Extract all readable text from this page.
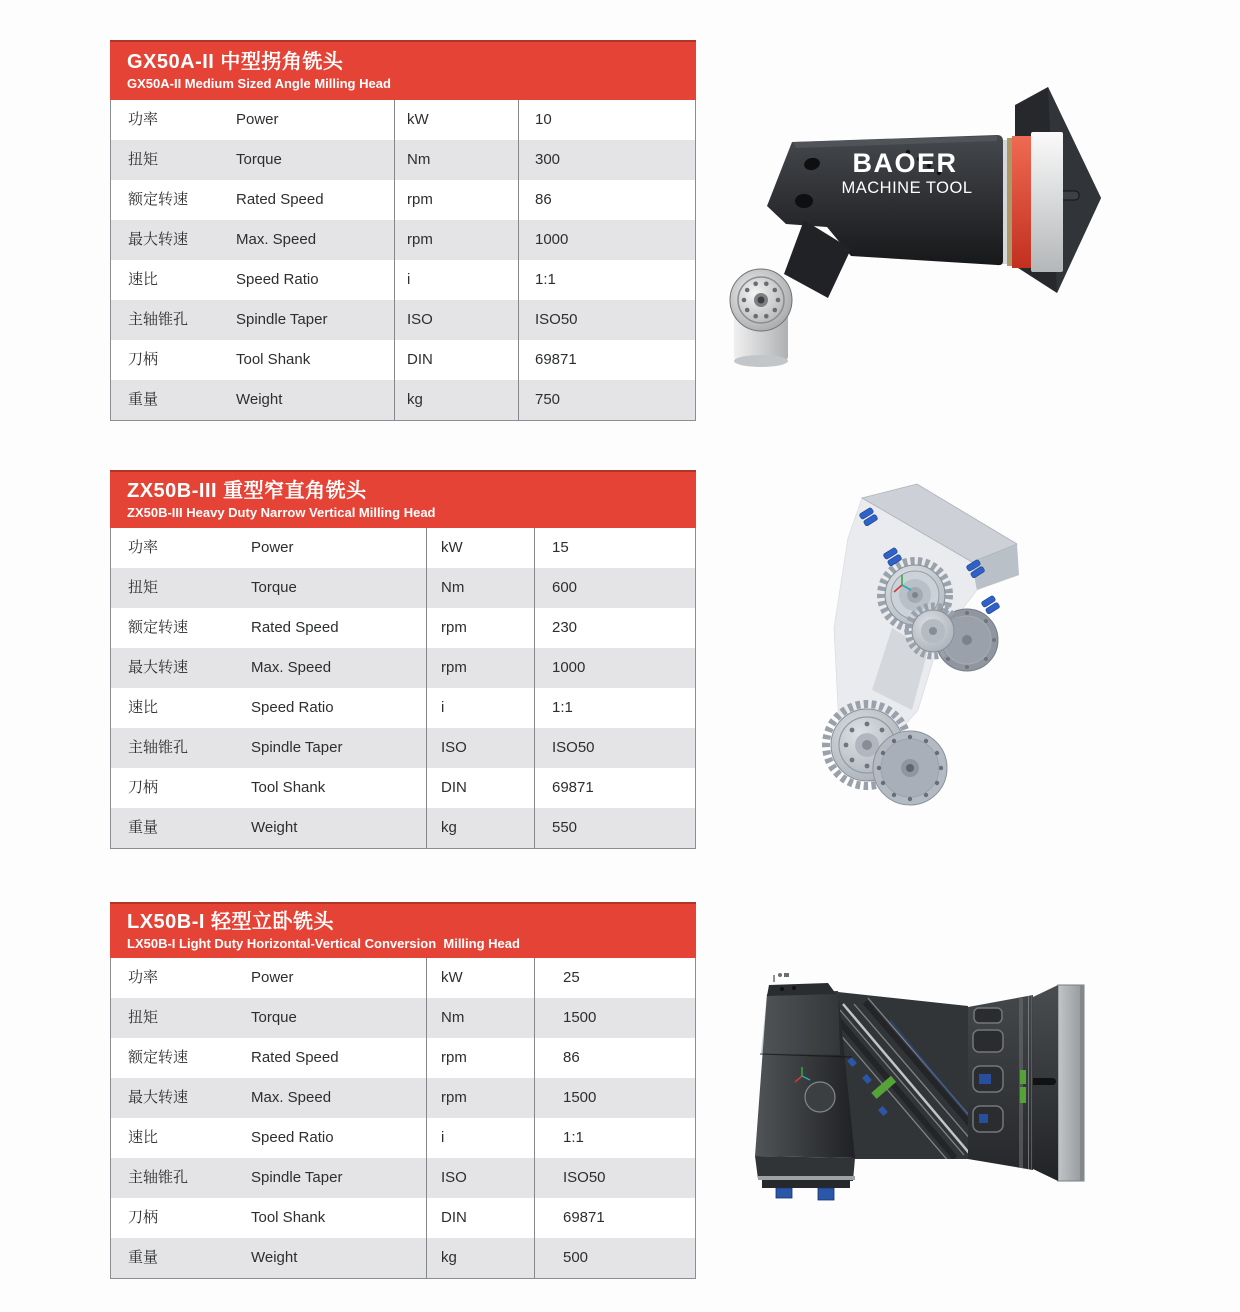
GX50A-II 中型拐角铣头
GX50A-II Medium Sized Angle Milling Head
功率	Power	kW	10
扭矩	Torque	Nm	300
额定转速	Rated Speed	rpm	86
最大转速	Max. Speed	rpm	1000
速比	Speed Ratio	i	1:1
主轴锥孔	Spindle Taper	ISO	ISO50
刀柄	Tool Shank	DIN	69871
重量	Weight	kg	750
ZX50B-III 重型窄直角铣头
ZX50B-III Heavy Duty Narrow Vertical Milling Head
功率	Power	kW	15
扭矩	Torque	Nm	600
额定转速	Rated Speed	rpm	230
最大转速	Max. Speed	rpm	1000
速比	Speed Ratio	i	1:1
主轴锥孔	Spindle Taper	ISO	ISO50
刀柄	Tool Shank	DIN	69871
重量	Weight	kg	550
LX50B-I 轻型立卧铣头
LX50B-I Light Duty Horizontal-Vertical Conversion  Milling Head
功率	Power	kW	25
扭矩	Torque	Nm	1500
额定转速	Rated Speed	rpm	86
最大转速	Max. Speed	rpm	1500
速比	Speed Ratio	i	1:1
主轴锥孔	Spindle Taper	ISO	ISO50
刀柄	Tool Shank	DIN	69871
重量	Weight	kg	500
BAOER
MACHINE TOOL
